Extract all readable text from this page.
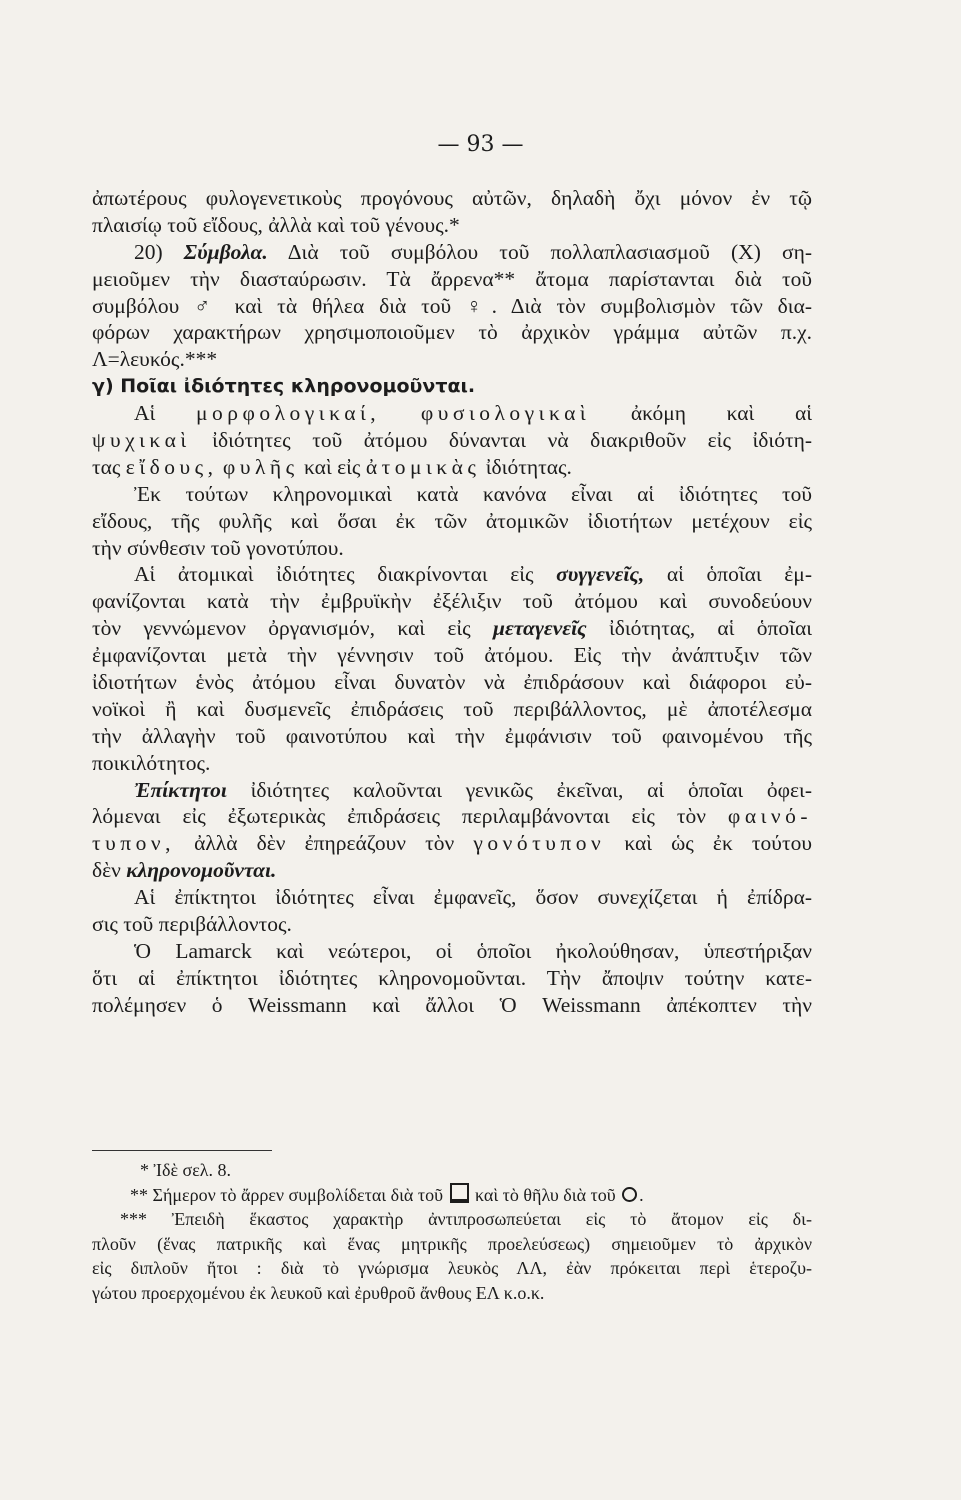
— 93 —
ἀπωτέρους φυλογενετικοὺς προγόνους αὐτῶν, δηλαδὴ ὄχι μόνον ἐν τῷ
πλαισίῳ τοῦ εἴδους, ἀλλὰ καὶ τοῦ γένους.*
20) Σύμβολα. Διὰ τοῦ συμβόλου τοῦ πολλαπλασιασμοῦ (X) ση-
μειοῦμεν τὴν διασταύρωσιν. Τὰ ἄρρενα** ἄτομα παρίστανται διὰ τοῦ
συμβόλου ♂ καὶ τὰ θήλεα διὰ τοῦ ♀. Διὰ τὸν συμβολισμὸν τῶν δια-
φόρων χαρακτήρων χρησιμοποιοῦμεν τὸ ἀρχικὸν γράμμα αὐτῶν π.χ.
Λ=λευκός.***
γ) Ποῖαι ἰδιότητες κληρονομοῦνται.
Αἱ μορφολογικαί, φυσιολογικαὶ ἀκόμη καὶ αἱ
ψυχικαὶ ἰδιότητες τοῦ ἀτόμου δύνανται νὰ διακριθοῦν εἰς ἰδιότη-
τας εἴδους, φυλῆς καὶ εἰς ἀτομικὰς ἰδιότητας.
Ἐκ τούτων κληρονομικαὶ κατὰ κανόνα εἶναι αἱ ἰδιότητες τοῦ
εἴδους, τῆς φυλῆς καὶ ὅσαι ἐκ τῶν ἀτομικῶν ἰδιοτήτων μετέχουν εἰς
τὴν σύνθεσιν τοῦ γονοτύπου.
Αἱ ἀτομικαὶ ἰδιότητες διακρίνονται εἰς συγγενεῖς, αἱ ὁποῖαι ἐμ-
φανίζονται κατὰ τὴν ἐμβρυϊκὴν ἐξέλιξιν τοῦ ἀτόμου καὶ συνοδεύουν
τὸν γεννώμενον ὀργανισμόν, καὶ εἰς μεταγενεῖς ἰδιότητας, αἱ ὁποῖαι
ἐμφανίζονται μετὰ τὴν γέννησιν τοῦ ἀτόμου. Εἰς τὴν ἀνάπτυξιν τῶν
ἰδιοτήτων ἑνὸς ἀτόμου εἶναι δυνατὸν νὰ ἐπιδράσουν καὶ διάφοροι εὐ-
νοϊκοὶ ἢ καὶ δυσμενεῖς ἐπιδράσεις τοῦ περιβάλλοντος, μὲ ἀποτέλεσμα
τὴν ἀλλαγὴν τοῦ φαινοτύπου καὶ τὴν ἐμφάνισιν τοῦ φαινομένου τῆς
ποικιλότητος.
Ἐπίκτητοι ἰδιότητες καλοῦνται γενικῶς ἐκεῖναι, αἱ ὁποῖαι ὀφει-
λόμεναι εἰς ἐξωτερικὰς ἐπιδράσεις περιλαμβάνονται εἰς τὸν φαινό-
τυπον, ἀλλὰ δὲν ἐπηρεάζουν τὸν γονότυπον καὶ ὡς ἐκ τούτου
δὲν κληρονομοῦνται.
Αἱ ἐπίκτητοι ἰδιότητες εἶναι ἐμφανεῖς, ὅσον συνεχίζεται ἡ ἐπίδρα-
σις τοῦ περιβάλλοντος.
Ὁ Lamarck καὶ νεώτεροι, οἱ ὁποῖοι ἠκολούθησαν, ὑπεστήριξαν
ὅτι αἱ ἐπίκτητοι ἰδιότητες κληρονομοῦνται. Τὴν ἄποψιν τούτην κατε-
πολέμησεν ὁ Weissmann καὶ ἄλλοι Ὁ Weissmann ἀπέκοπτεν τὴν
* Ἰδὲ σελ. 8.
** Σήμερον τὸ ἄρρεν συμβολίδεται διὰ τοῦ καὶ τὸ θῆλυ διὰ τοῦ .
*** Ἐπειδὴ ἕκαστος χαρακτὴρ ἀντιπροσωπεύεται εἰς τὸ ἄτομον εἰς δι-
πλοῦν (ἕνας πατρικῆς καὶ ἕνας μητρικῆς προελεύσεως) σημειοῦμεν τὸ ἀρχικὸν
εἰς διπλοῦν ἤτοι : διὰ τὸ γνώρισμα λευκὸς ΛΛ, ἐὰν πρόκειται περὶ ἑτεροζυ-
γώτου προερχομένου ἐκ λευκοῦ καὶ ἐρυθροῦ ἄνθους ΕΛ κ.ο.κ.
